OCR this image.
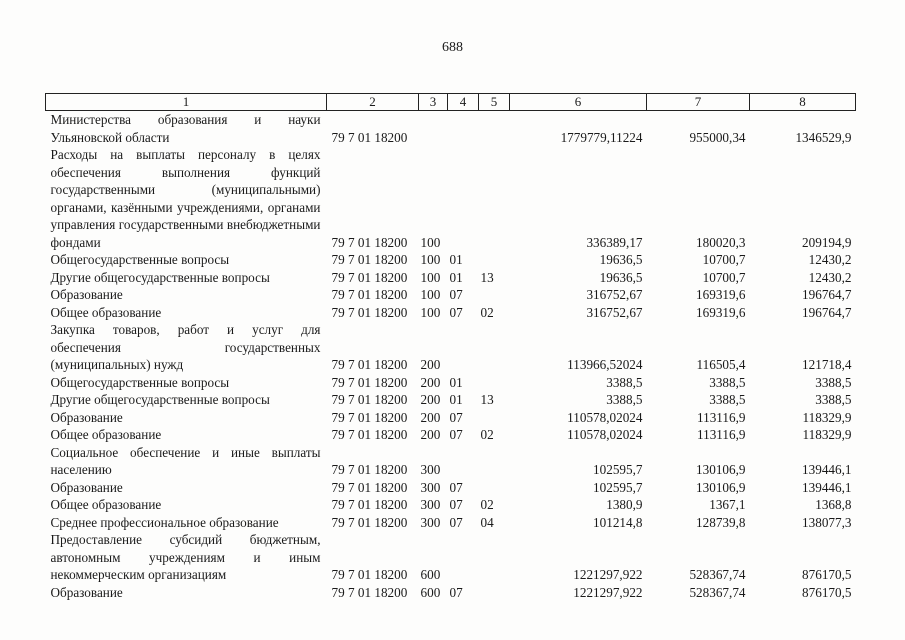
688
1	2	3	4	5	6	7	8
Министерства образования и науки Ульяновской области	79 7 01 18200				1779779,11224	955000,34	1346529,9
Расходы на выплаты персоналу в целях обеспечения выполнения функций государственными (муниципальными) органами, казёнными учреждениями, органами управления государственными внебюджетными фондами	79 7 01 18200	100			336389,17	180020,3	209194,9
Общегосударственные вопросы	79 7 01 18200	100	01		19636,5	10700,7	12430,2
Другие общегосударственные вопросы	79 7 01 18200	100	01	13	19636,5	10700,7	12430,2
Образование	79 7 01 18200	100	07		316752,67	169319,6	196764,7
Общее образование	79 7 01 18200	100	07	02	316752,67	169319,6	196764,7
Закупка товаров, работ и услуг для обеспечения государственных (муниципальных) нужд	79 7 01 18200	200			113966,52024	116505,4	121718,4
Общегосударственные вопросы	79 7 01 18200	200	01		3388,5	3388,5	3388,5
Другие общегосударственные вопросы	79 7 01 18200	200	01	13	3388,5	3388,5	3388,5
Образование	79 7 01 18200	200	07		110578,02024	113116,9	118329,9
Общее образование	79 7 01 18200	200	07	02	110578,02024	113116,9	118329,9
Социальное обеспечение и иные выплаты населению	79 7 01 18200	300			102595,7	130106,9	139446,1
Образование	79 7 01 18200	300	07		102595,7	130106,9	139446,1
Общее образование	79 7 01 18200	300	07	02	1380,9	1367,1	1368,8
Среднее профессиональное образование	79 7 01 18200	300	07	04	101214,8	128739,8	138077,3
Предоставление субсидий бюджетным, автономным учреждениям и иным некоммерческим организациям	79 7 01 18200	600			1221297,922	528367,74	876170,5
Образование	79 7 01 18200	600	07		1221297,922	528367,74	876170,5
